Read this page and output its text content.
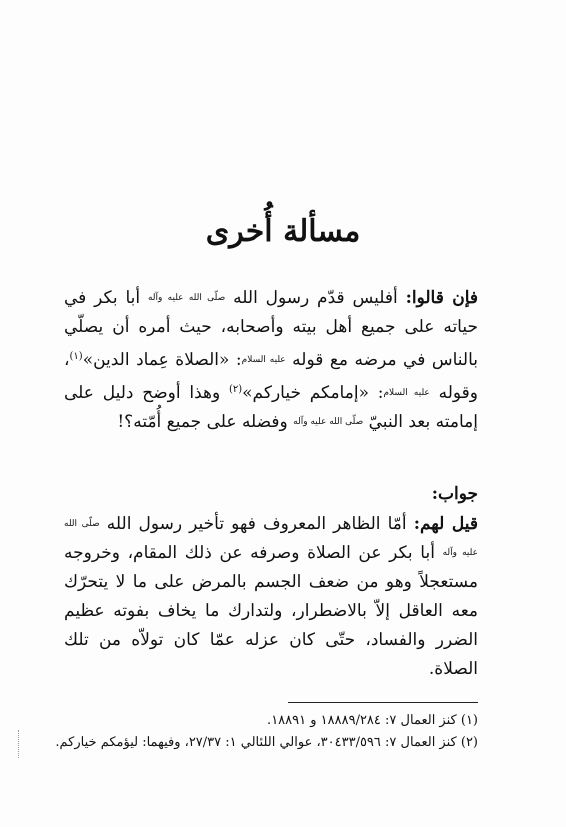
مسألة أُخرى

فإن قالوا: أفليس قدّم رسول الله صلّى الله عليه وآله أبا بكر في حياته على جميع أهل بيته وأصحابه، حيث أمره أن يصلّي بالناس في مرضه مع قوله عليه السلام: «الصلاة عِماد الدين»$^{(١)}$، وقوله عليه السلام: «إمامكم خياركم»$^{(٢)}$ وهذا أوضح دليل على إمامته بعد النبيّ صلّى الله عليه وآله وفضله على جميع أُمّته؟!

جواب:

قيل لهم: أمّا الظاهر المعروف فهو تأخير رسول الله صلّى الله عليه وآله أبا بكر عن الصلاة وصرفه عن ذلك المقام، وخروجه مستعجلاً وهو من ضعف الجسم بالمرض على ما لا يتحرّك معه العاقل إلاّ بالاضطرار، ولتدارك ما يخاف بفوته عظيم الضرر والفساد، حتّى كان عزله عمّا كان تولاّه من تلك الصلاة.

(١) كنز العمال ٧: ١٨٨٨٩/٢٨٤ و ١٨٨٩١.
(٢) كنز العمال ٧: ٣٠٤٣٣/٥٩٦، عوالي اللئالي ١: ٢٧/٣٧، وفيهما: ليؤمكم خياركم.
